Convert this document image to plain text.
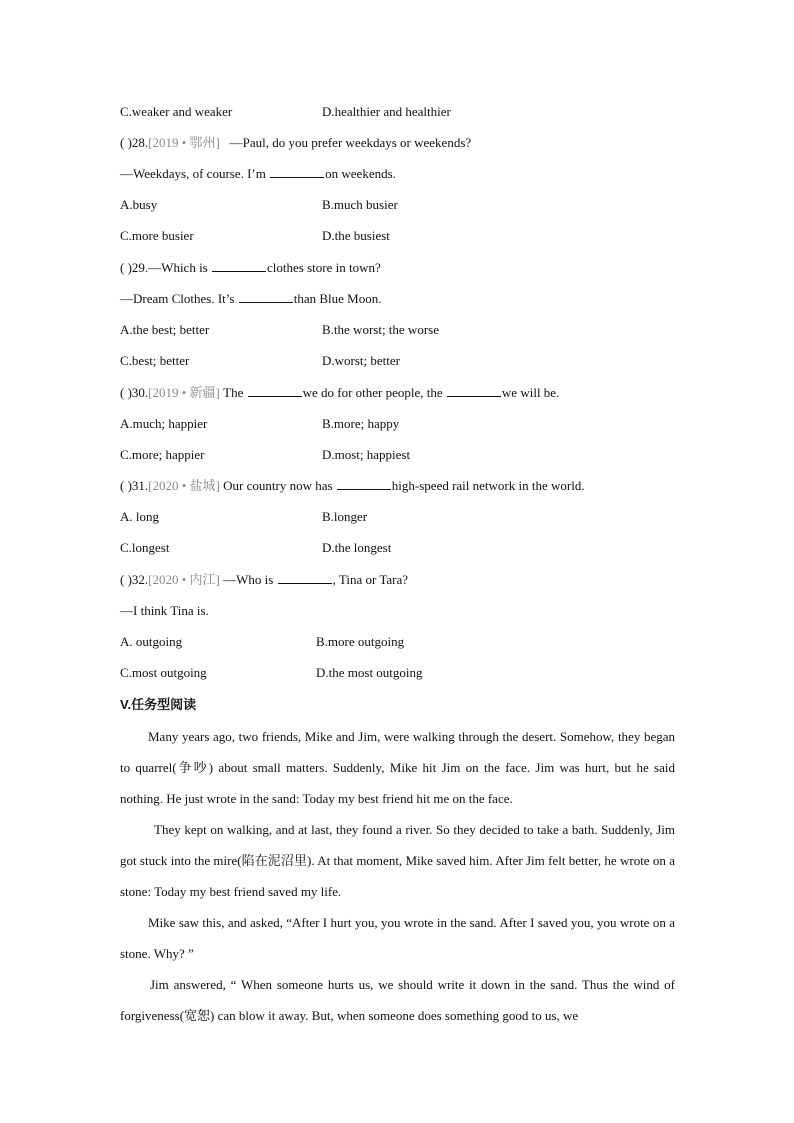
C.weaker and weaker	D.healthier and healthier
( )28.[2019 • 鄂州] —Paul, do you prefer weekdays or weekends?
—Weekdays, of course. I’m	on weekends.
A.busy	B.much busier
C.more busier	D.the busiest
( )29.—Which is	clothes store in town?
—Dream Clothes. It’s	than Blue Moon.
A.the best; better	B.the worst; the worse
C.best; better	D.worst; better
( )30.[2019 • 新疆] The	we do for other people, the	we will be.
A.much; happier	B.more; happy
C.more; happier	D.most; happiest
( )31.[2020 • 盐城] Our country now has	high-speed rail network in the world.
A. long	B.longer
C.longest	D.the longest
( )32.[2020 • 内江] —Who is	, Tina or Tara?
—I think Tina is.
A. outgoing	B.more outgoing
C.most outgoing	D.the most outgoing
V.任务型阅读
Many years ago, two friends, Mike and Jim, were walking through the desert. Somehow, they began to quarrel(争吵) about small matters. Suddenly, Mike hit Jim on the face. Jim was hurt, but he said nothing. He just wrote in the sand: Today my best friend hit me on the face.
They kept on walking, and at last, they found a river. So they decided to take a bath. Suddenly, Jim got stuck into the mire(陷在泥沼里). At that moment, Mike saved him. After Jim felt better, he wrote on a stone: Today my best friend saved my life.
Mike saw this, and asked, “After I hurt you, you wrote in the sand. After I saved you, you wrote on a stone. Why? ”
Jim answered, “ When someone hurts us, we should write it down in the sand. Thus the wind of forgiveness(宽恕) can blow it away. But, when someone does something good to us, we
